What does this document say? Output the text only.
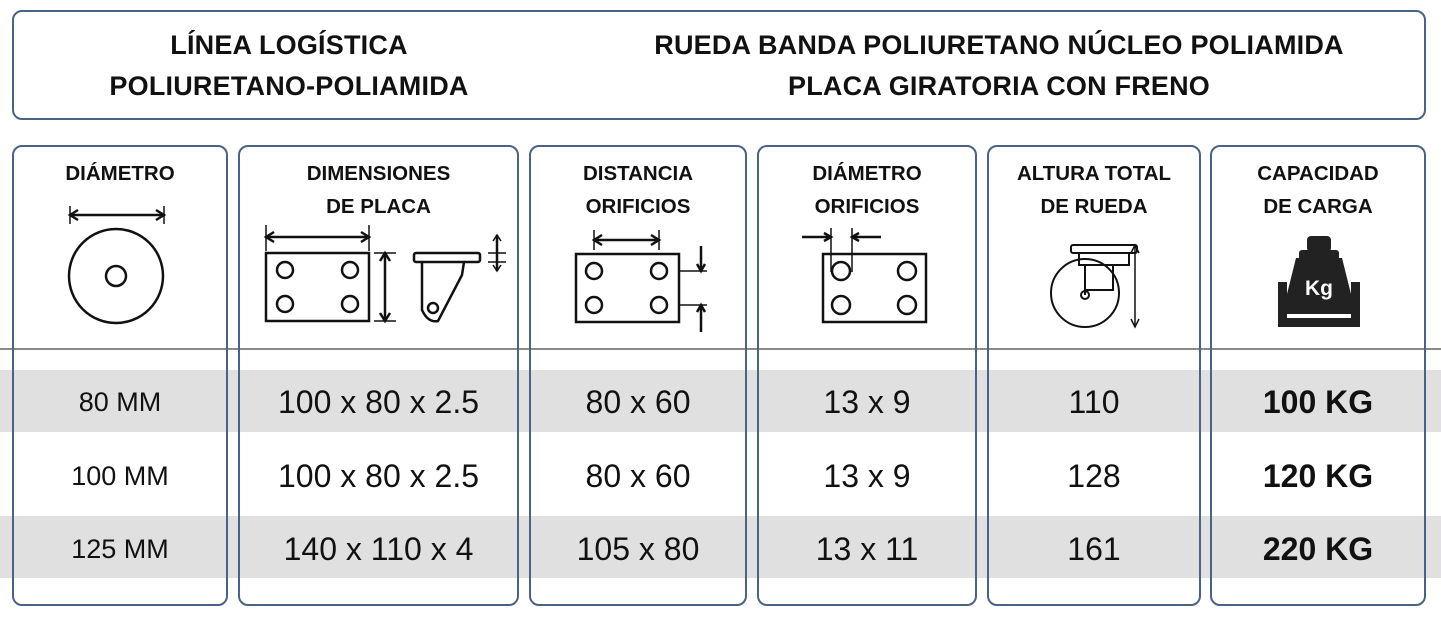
LÍNEA LOGÍSTICA
POLIURETANO-POLIAMIDA
RUEDA BANDA POLIURETANO NÚCLEO POLIAMIDA
PLACA GIRATORIA CON FRENO
DIÁMETRO	DIMENSIONES
DE PLACA
DISTANCIA
ORIFICIOS
DIÁMETRO
ORIFICIOS
ALTURA TOTAL
DE RUEDA
CAPACIDAD
DE CARGA
Kg
80 MM	100 x 80 x 2.5	80 x 60	13 x 9	110	100 KG
100 MM	100 x 80 x 2.5	80 x 60	13 x 9	128	120 KG
125 MM	140 x 110 x 4	105 x 80	13 x 11	161	220 KG
